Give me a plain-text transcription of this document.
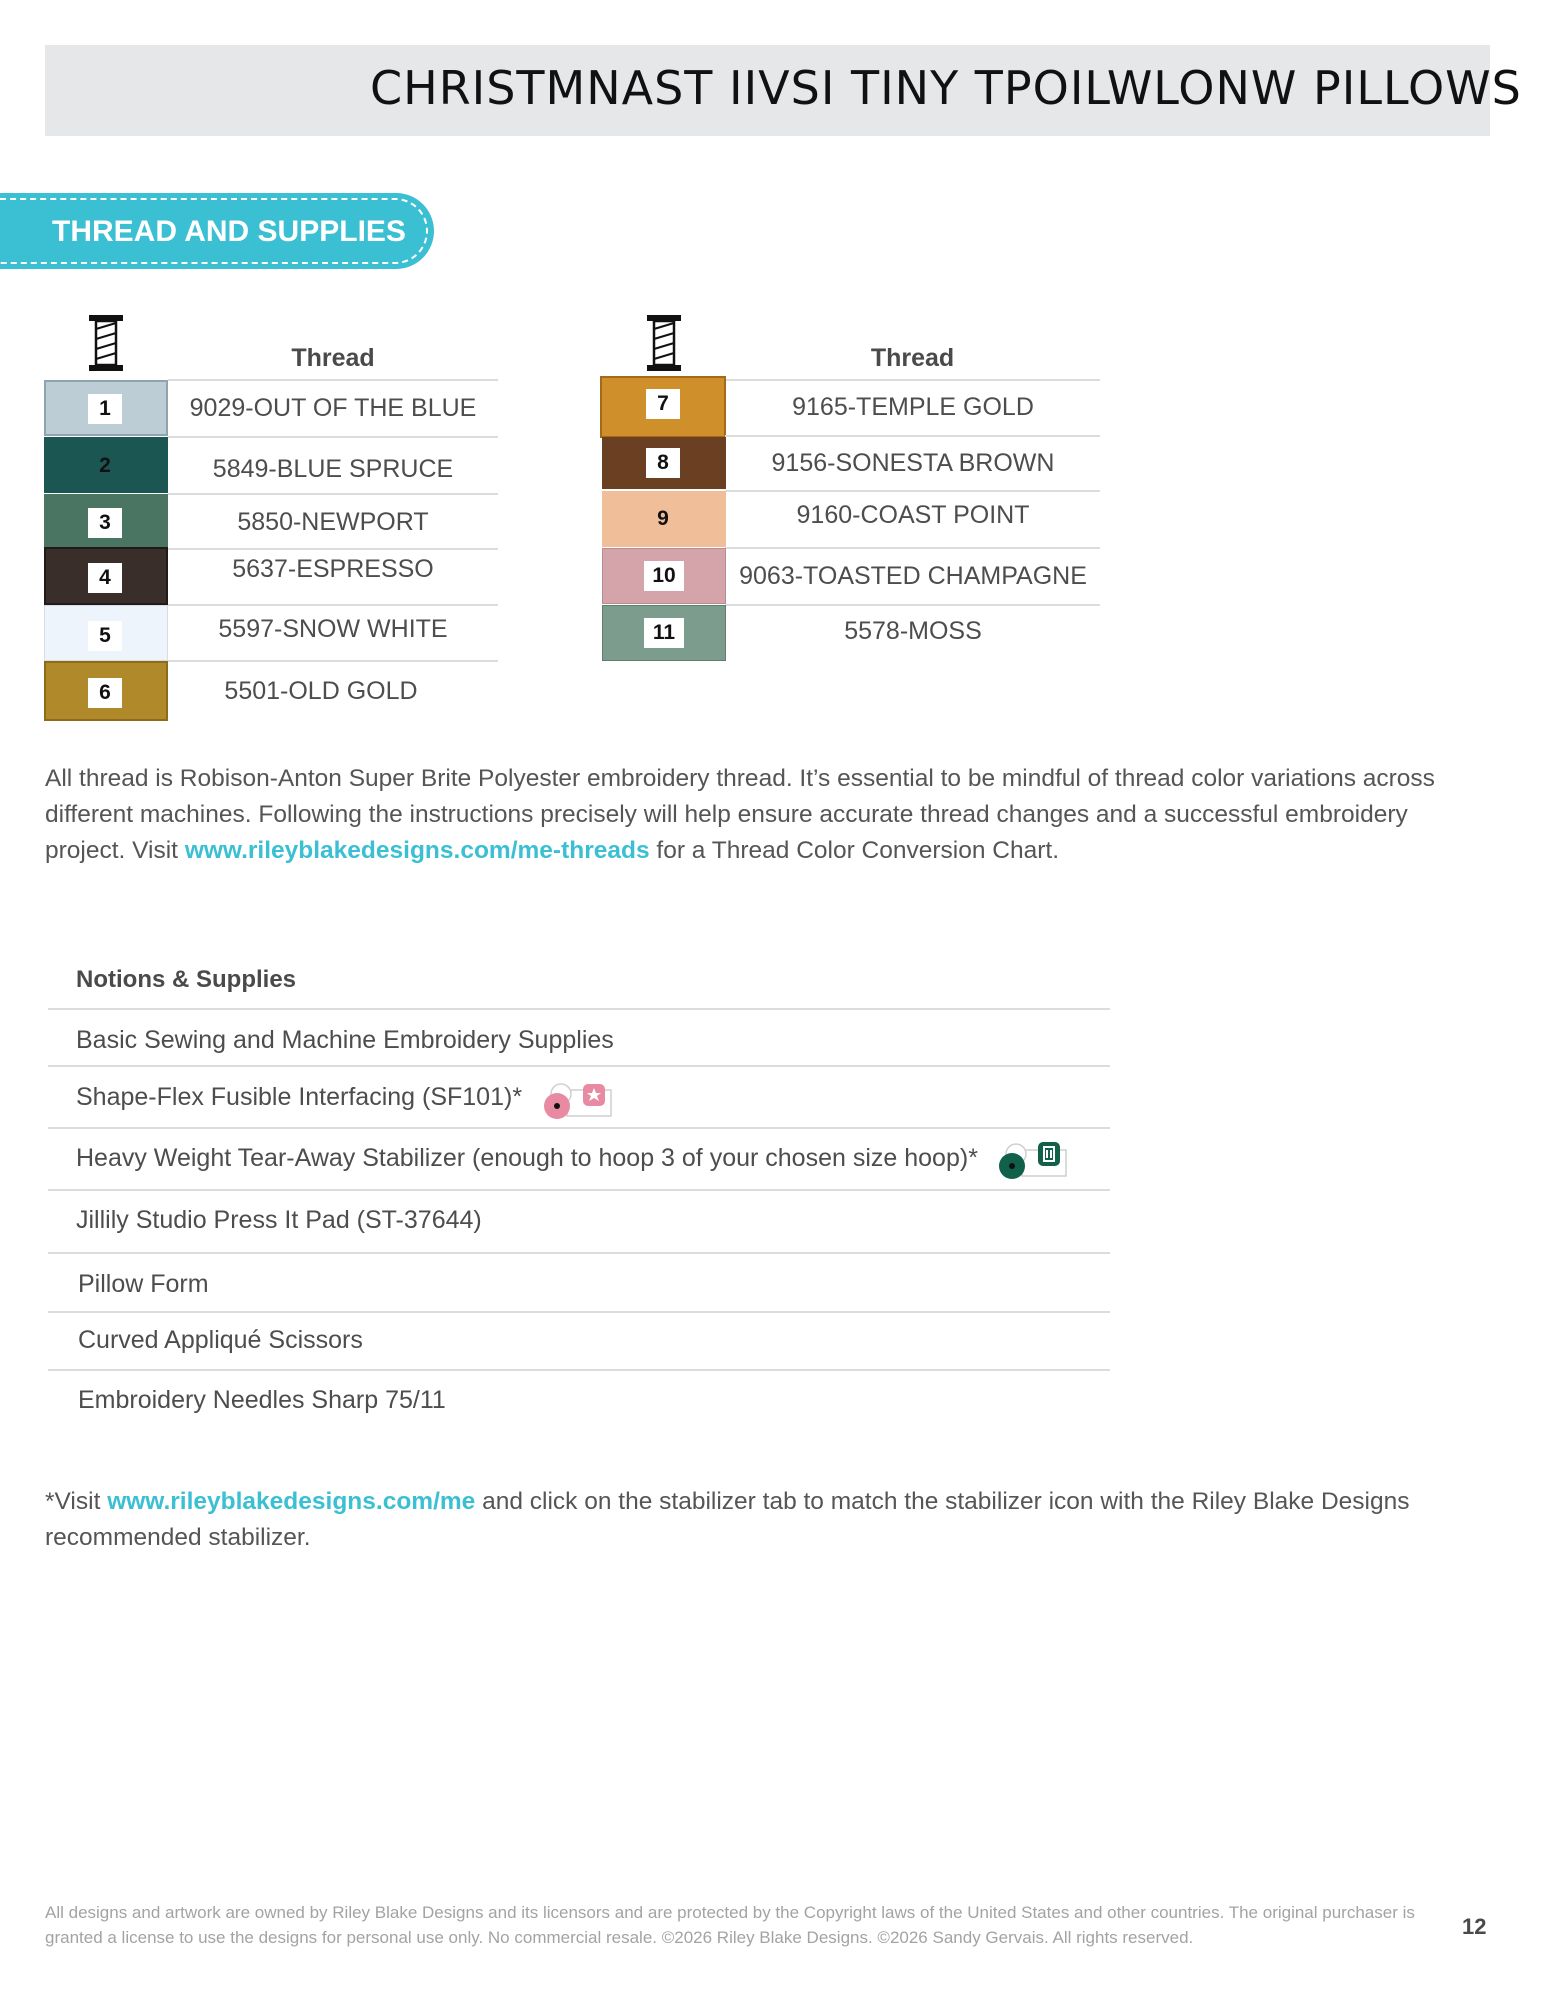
CHRISTMNAST IIVSI TINY TPOILWLONW PILLOWS
THREAD AND SUPPLIES
Thread	Thread
1	9029-OUT OF THE BLUE
2	5849-BLUE SPRUCE
3	5850-NEWPORT
4	5637-ESPRESSO
5	5597-SNOW WHITE
6	5501-OLD GOLD
7	9165-TEMPLE GOLD
8	9156-SONESTA BROWN
9	9160-COAST POINT
10	9063-TOASTED CHAMPAGNE
11	5578-MOSS
All thread is Robison-Anton Super Brite Polyester embroidery thread. It’s essential to be mindful of thread color variations across different machines. Following the instructions precisely will help ensure accurate thread changes and a successful embroidery project. Visit www.rileyblakedesigns.com/me-threads for a Thread Color Conversion Chart.
Notions & Supplies
Basic Sewing and Machine Embroidery Supplies
Shape-Flex Fusible Interfacing (SF101)*
Heavy Weight Tear-Away Stabilizer (enough to hoop 3 of your chosen size hoop)*
Jillily Studio Press It Pad (ST-37644)
Pillow Form
Curved Appliqué Scissors
Embroidery Needles Sharp 75/11
*Visit www.rileyblakedesigns.com/me and click on the stabilizer tab to match the stabilizer icon with the Riley Blake Designs recommended stabilizer.
All designs and artwork are owned by Riley Blake Designs and its licensors and are protected by the Copyright laws of the United States and other countries. The original purchaser is granted a license to use the designs for personal use only. No commercial resale. ©2026 Riley Blake Designs. ©2026 Sandy Gervais. All rights reserved.	12
